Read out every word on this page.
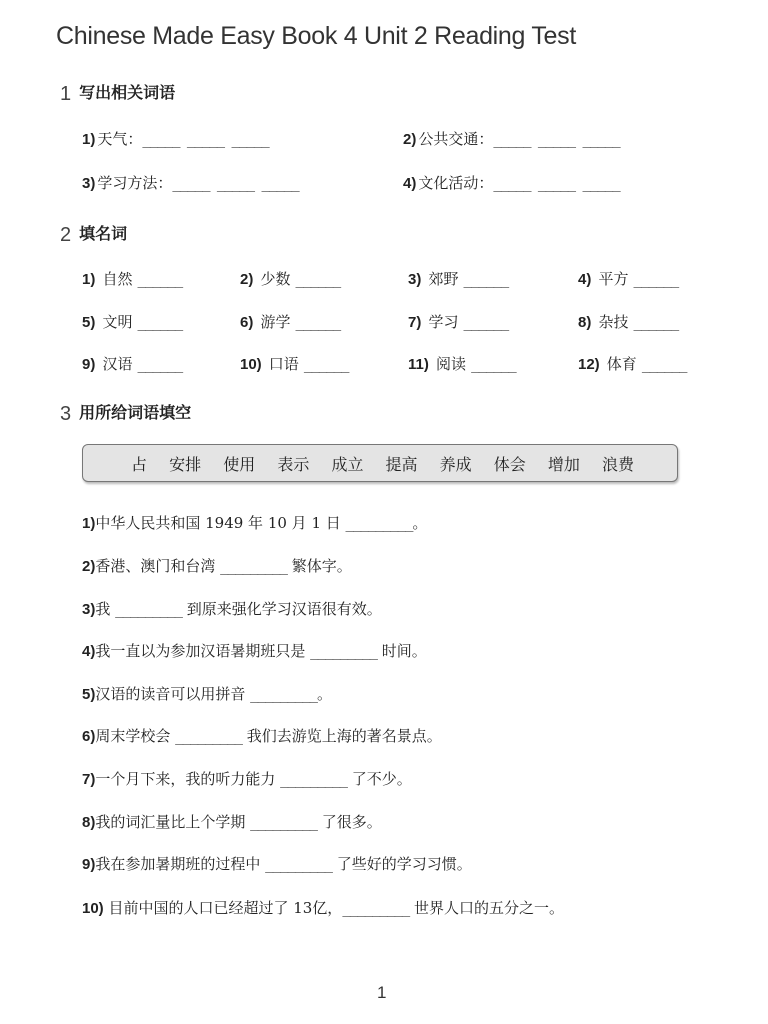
Chinese Made Easy Book 4 Unit 2 Reading Test
1 写出相关词语
1) 天气：_____ _____ _____	2) 公共交通：_____ _____ _____
3) 学习方法：_____ _____ _____	4) 文化活动：_____ _____ _____
2 填名词
1) 自然 ______	2) 少数 ______	3) 郊野 ______	4) 平方 ______
5) 文明 ______	6) 游学 ______	7) 学习 ______	8) 杂技 ______
9) 汉语 ______	10) 口语 ______	11) 阅读 ______	12) 体育 ______
3 用所给词语填空
占 安排 使用 表示 成立 提高 养成 体会 增加 浪费
1)中华人民共和国 1949 年 10 月 1 日 _________。
2)香港、澳门和台湾 _________ 繁体字。
3)我 _________ 到原来强化学习汉语很有效。
4)我一直以为参加汉语暑期班只是 _________ 时间。
5)汉语的读音可以用拼音 _________。
6)周末学校会 _________ 我们去游览上海的著名景点。
7)一个月下来，我的听力能力 _________ 了不少。
8)我的词汇量比上个学期 _________ 了很多。
9)我在参加暑期班的过程中 _________ 了些好的学习习惯。
10) 目前中国的人口已经超过了 13亿，_________ 世界人口的五分之一。
1
